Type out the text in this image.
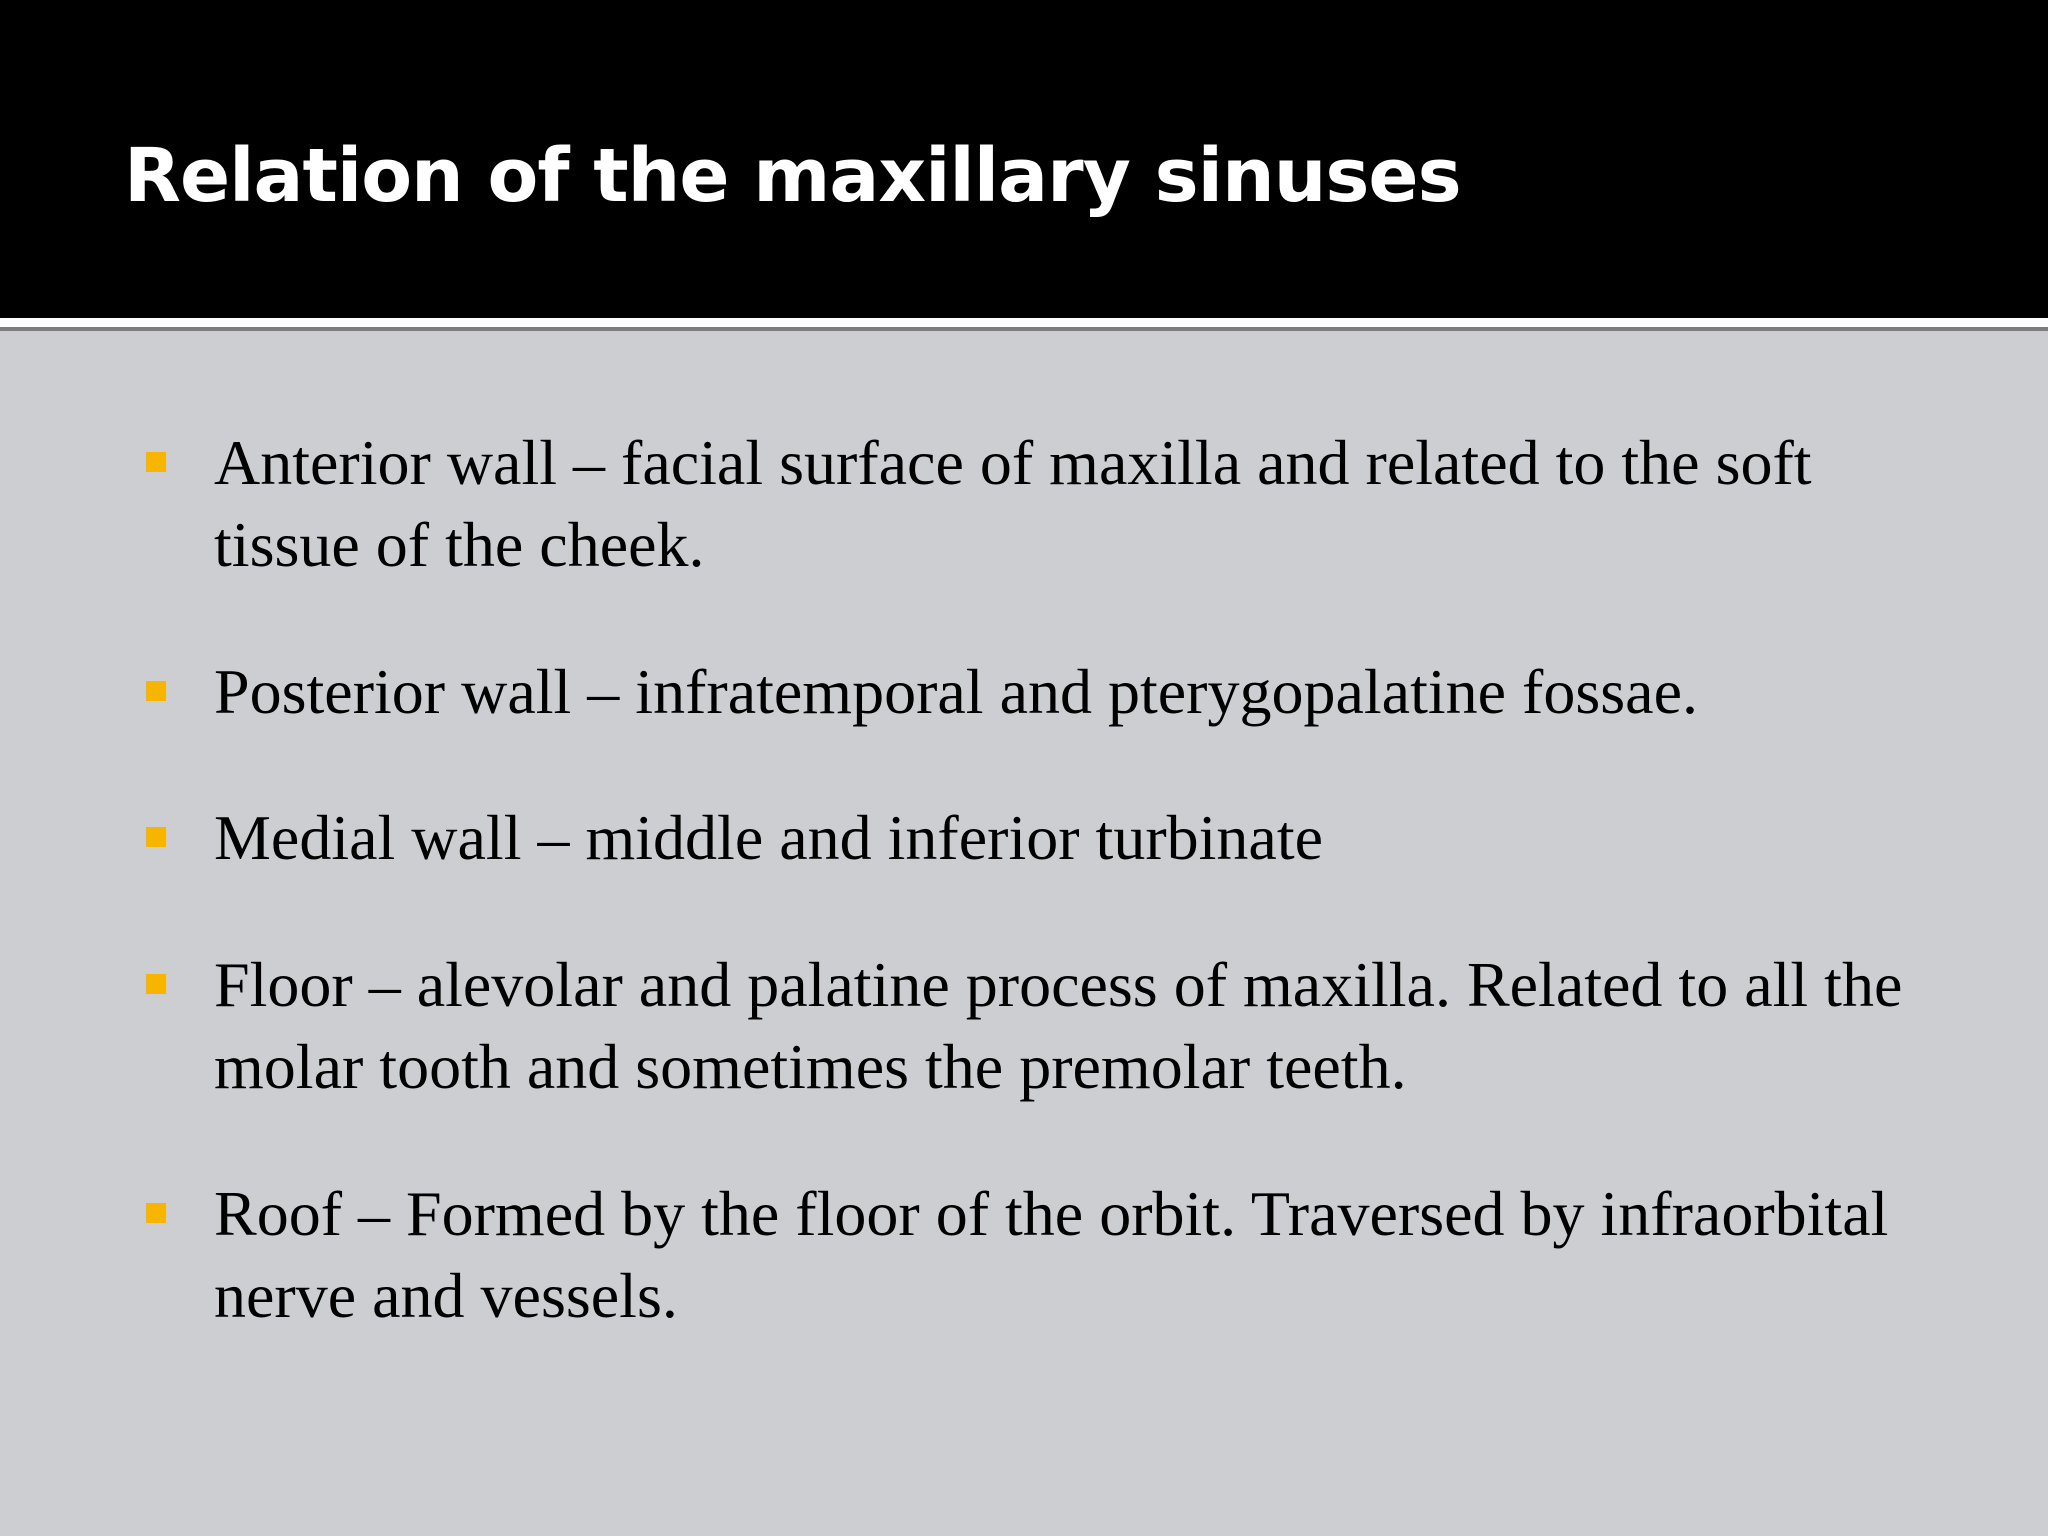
Relation of the maxillary sinuses
Anterior wall – facial surface of maxilla and related to the soft tissue of the cheek.
Posterior wall – infratemporal and pterygopalatine fossae.
Medial wall – middle and inferior turbinate
Floor – alevolar and palatine process of maxilla. Related to all the molar tooth and sometimes the premolar teeth.
Roof – Formed by the floor of the orbit. Traversed by infraorbital nerve and vessels.
